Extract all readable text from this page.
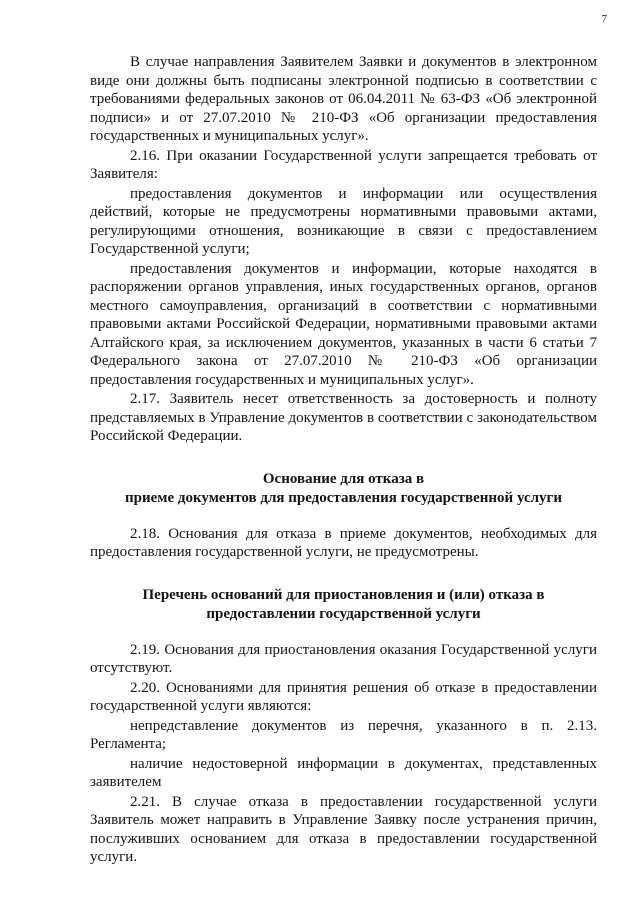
7

В случае направления Заявителем Заявки и документов в электронном виде они должны быть подписаны электронной подписью в соответствии с требованиями федеральных законов от 06.04.2011 № 63-ФЗ «Об электронной подписи» и от 27.07.2010 № 210-ФЗ «Об организации предоставления государственных и муниципальных услуг».

2.16. При оказании Государственной услуги запрещается требовать от Заявителя:

предоставления документов и информации или осуществления действий, которые не предусмотрены нормативными правовыми актами, регулирующими отношения, возникающие в связи с предоставлением Государственной услуги;

предоставления документов и информации, которые находятся в распоряжении органов управления, иных государственных органов, органов местного самоуправления, организаций в соответствии с нормативными правовыми актами Российской Федерации, нормативными правовыми актами Алтайского края, за исключением документов, указанных в части 6 статьи 7 Федерального закона от 27.07.2010 № 210-ФЗ «Об организации предоставления государственных и муниципальных услуг».

2.17. Заявитель несет ответственность за достоверность и полноту представляемых в Управление документов в соответствии с законодательством Российской Федерации.

Основание для отказа в
приеме документов для предоставления государственной услуги

2.18. Основания для отказа в приеме документов, необходимых для предоставления государственной услуги, не предусмотрены.

Перечень оснований для приостановления и (или) отказа в
предоставлении государственной услуги

2.19. Основания для приостановления оказания Государственной услуги отсутствуют.

2.20. Основаниями для принятия решения об отказе в предоставлении государственной услуги являются:

непредставление документов из перечня, указанного в п. 2.13. Регламента;

наличие недостоверной информации в документах, представленных заявителем

2.21. В случае отказа в предоставлении государственной услуги Заявитель может направить в Управление Заявку после устранения причин, послуживших основанием для отказа в предоставлении государственной услуги.
